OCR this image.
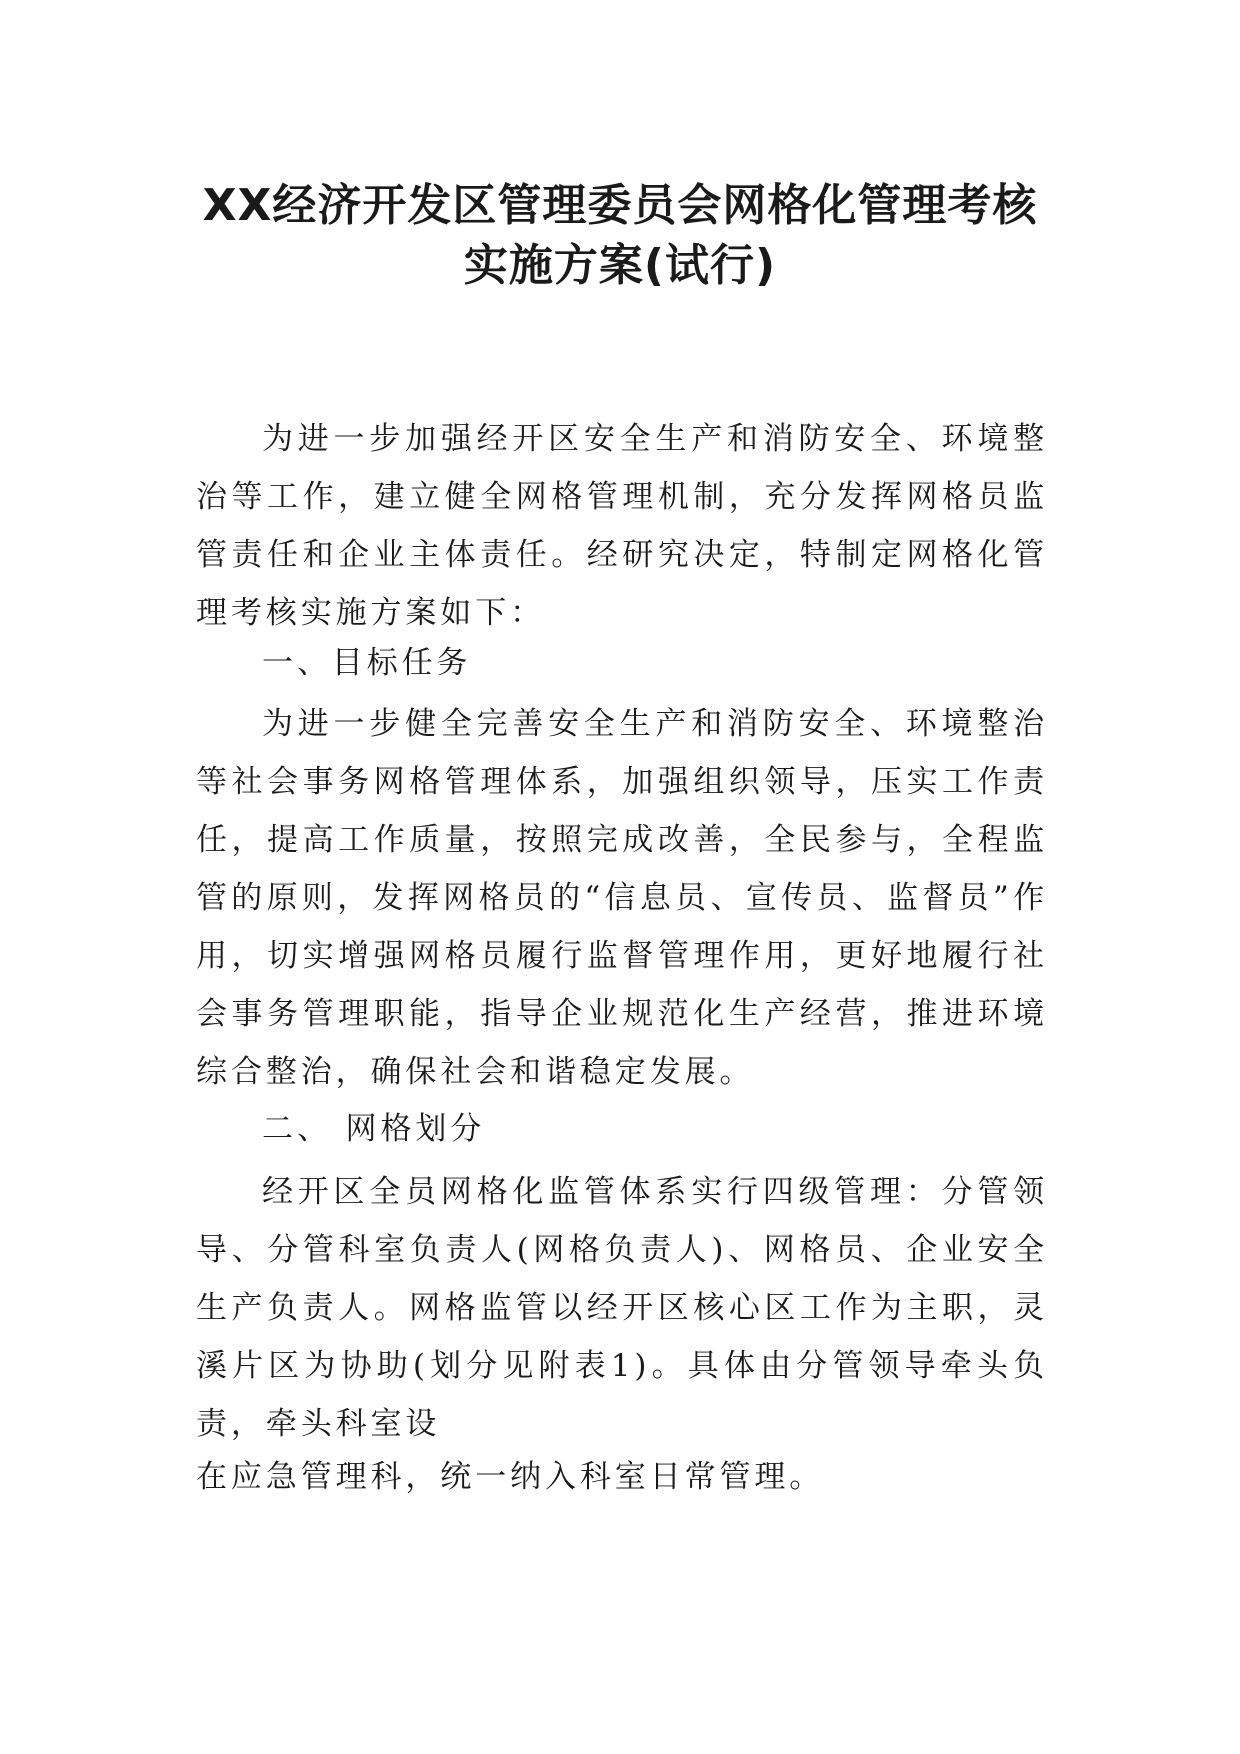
XX经济开发区管理委员会网格化管理考核
实施方案(试行)

为进一步加强经开区安全生产和消防安全、环境整治等工作，建立健全网格管理机制，充分发挥网格员监管责任和企业主体责任。经研究决定，特制定网格化管理考核实施方案如下：

一、目标任务

为进一步健全完善安全生产和消防安全、环境整治等社会事务网格管理体系，加强组织领导，压实工作责任，提高工作质量，按照完成改善，全民参与，全程监管的原则，发挥网格员的“信息员、宣传员、监督员”作用，切实增强网格员履行监督管理作用，更好地履行社会事务管理职能，指导企业规范化生产经营，推进环境综合整治，确保社会和谐稳定发展。

二、 网格划分

经开区全员网格化监管体系实行四级管理：分管领导、分管科室负责人(网格负责人)、网格员、企业安全生产负责人。网格监管以经开区核心区工作为主职，灵溪片区为协助(划分见附表1)。具体由分管领导牵头负责，牵头科室设

在应急管理科，统一纳入科室日常管理。
